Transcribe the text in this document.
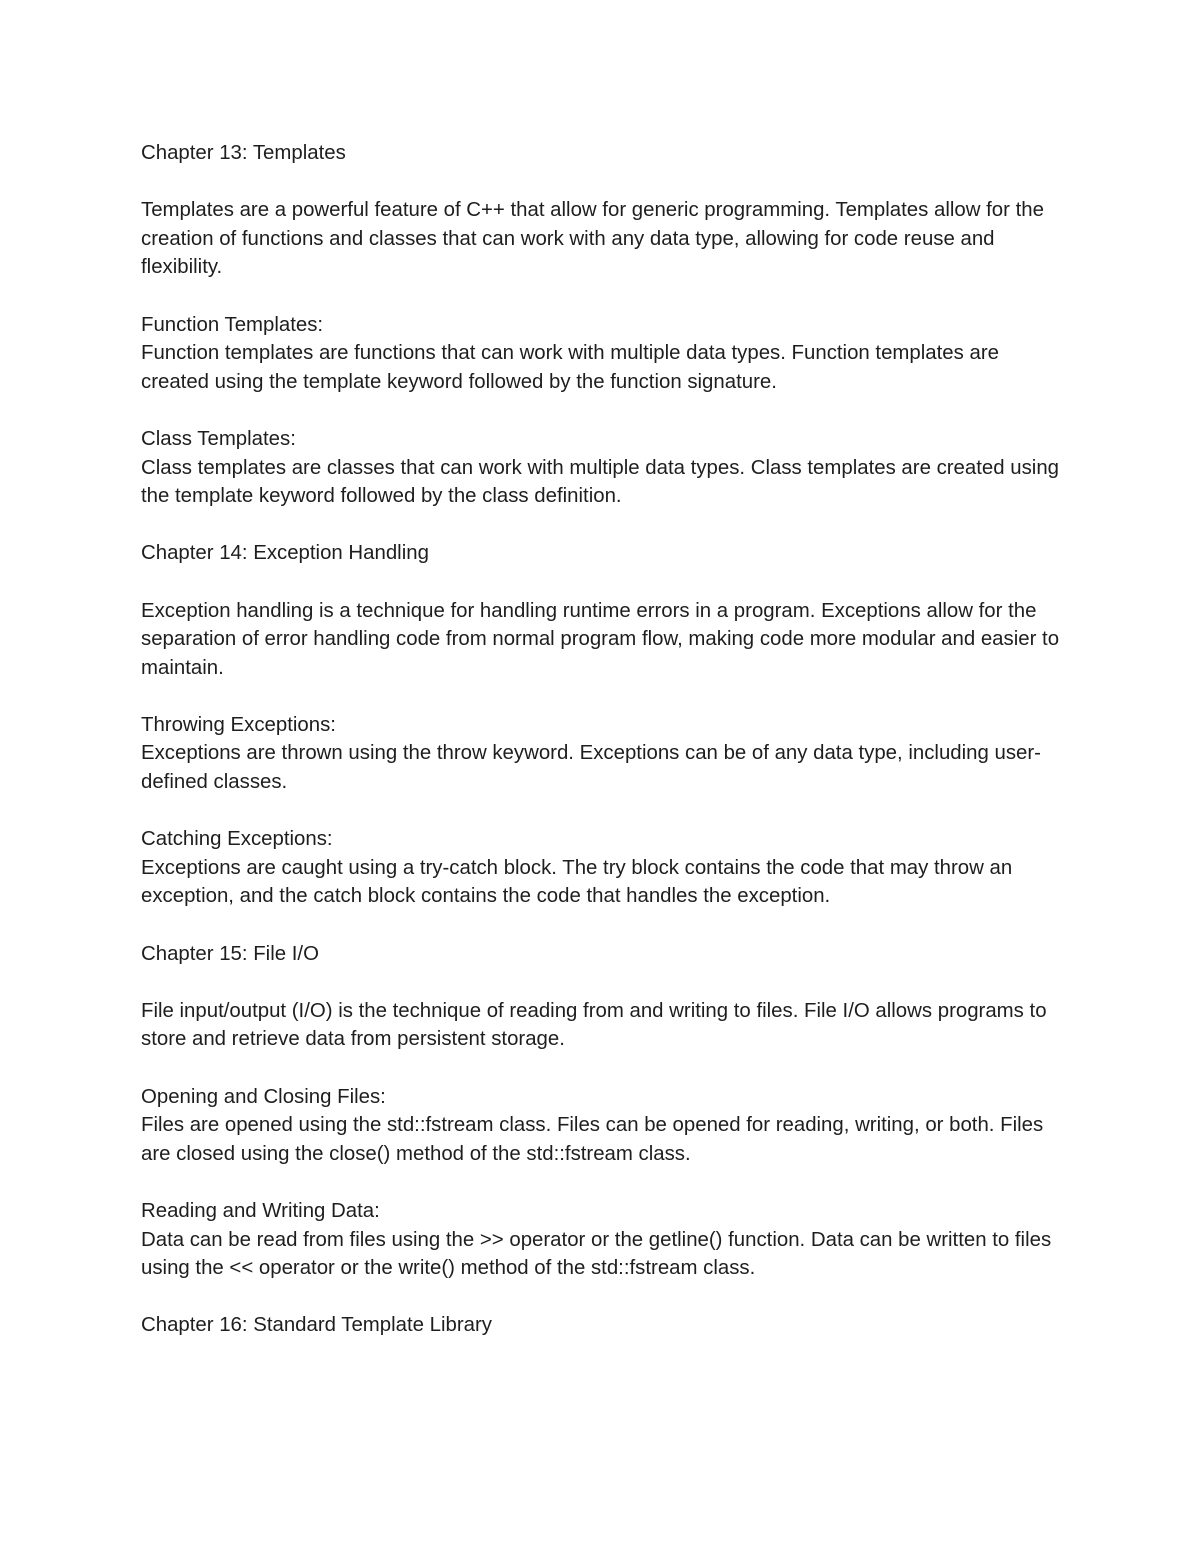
Chapter 13: Templates

Templates are a powerful feature of C++ that allow for generic programming. Templates allow for the creation of functions and classes that can work with any data type, allowing for code reuse and flexibility.

Function Templates:

Function templates are functions that can work with multiple data types. Function templates are created using the template keyword followed by the function signature.

Class Templates:

Class templates are classes that can work with multiple data types. Class templates are created using the template keyword followed by the class definition.

Chapter 14: Exception Handling

Exception handling is a technique for handling runtime errors in a program. Exceptions allow for the separation of error handling code from normal program flow, making code more modular and easier to maintain.

Throwing Exceptions:

Exceptions are thrown using the throw keyword. Exceptions can be of any data type, including user-defined classes.

Catching Exceptions:

Exceptions are caught using a try-catch block. The try block contains the code that may throw an exception, and the catch block contains the code that handles the exception.

Chapter 15: File I/O

File input/output (I/O) is the technique of reading from and writing to files. File I/O allows programs to store and retrieve data from persistent storage.

Opening and Closing Files:

Files are opened using the std::fstream class. Files can be opened for reading, writing, or both. Files are closed using the close() method of the std::fstream class.

Reading and Writing Data:

Data can be read from files using the >> operator or the getline() function. Data can be written to files using the << operator or the write() method of the std::fstream class.

Chapter 16: Standard Template Library
